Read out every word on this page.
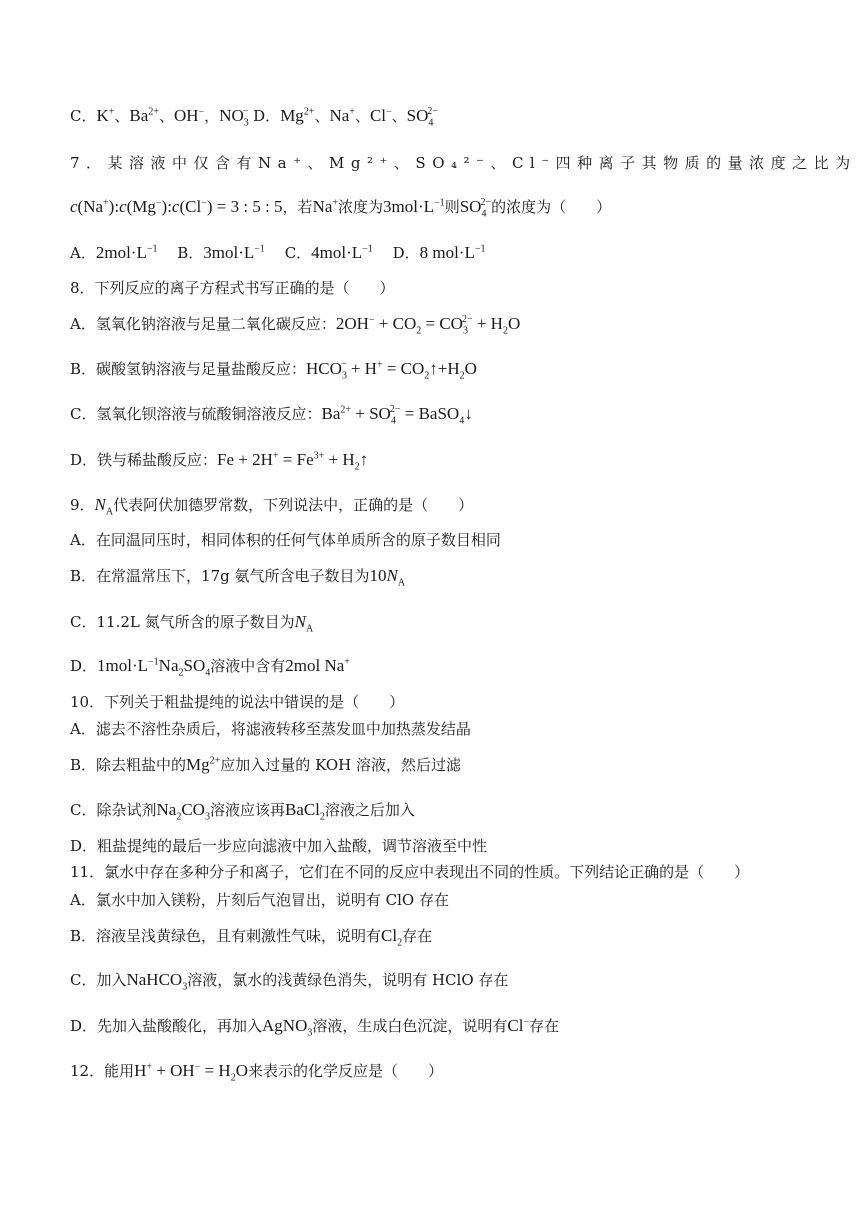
C．K+、$Ba^{2+}$、OH−，$NO_3^-$ D．$Mg^{2+}$、Na+、Cl−、$SO_4^{2-}$
7．某溶液中仅含有Na⁺、Mg²⁺、SO₄²⁻、Cl⁻四种离子其物质的量浓度之比为
c(Na+):c(Mg−):c(Cl−) = 3 : 5 : 5，若Na+浓度为$3mol\cdot L^{-1}$则$SO_4^{2-}$的浓度为（　　）
A．$2mol\cdot L^{-1}$　 B．$3mol\cdot L^{-1}$　 C．$4mol\cdot L^{-1}$　 D．8 $mol\cdot L^{-1}$
8．下列反应的离子方程式书写正确的是（　　）
A．氢氧化钠溶液与足量二氧化碳反应：$2OH^- + CO_2 = CO_3^{2-} + H_2O$
B．碳酸氢钠溶液与足量盐酸反应：$HCO_3^- + H^+$ = $CO_2↑+H_2O$
C．氢氧化钡溶液与硫酸铜溶液反应：$Ba^{2+} + SO_4^{2-}$ = BaSO$_4$↓
D．铁与稀盐酸反应：$Fe + 2H^+ = Fe^{3+}$ + $H_2↑$
9．$N_A$代表阿伏加德罗常数，下列说法中，正确的是（　　）
A．在同温同压时，相同体积的任何气体单质所含的原子数目相同
B．在常温常压下，17g 氨气所含电子数目为$10N_A$
C．11.2L 氮气所含的原子数目为$N_A$
D．$1mol\cdot L^{-1}Na_2SO_4$溶液中含有2mol Na+
10．下列关于粗盐提纯的说法中错误的是（　　）
A．滤去不溶性杂质后，将滤液转移至蒸发皿中加热蒸发结晶
B．除去粗盐中的$Mg^{2+}$应加入过量的 KOH 溶液，然后过滤
C．除杂试剂$Na_2CO_3$溶液应该再BaCl$_2$溶液之后加入
D．粗盐提纯的最后一步应向滤液中加入盐酸，调节溶液至中性
11．氯水中存在多种分子和离子，它们在不同的反应中表现出不同的性质。下列结论正确的是（　　）
A．氯水中加入镁粉，片刻后气泡冒出，说明有 ClO 存在
B．溶液呈浅黄绿色，且有刺激性气味，说明有$Cl_2$存在
C．加入NaHCO$_3$溶液，氯水的浅黄绿色消失，说明有 HClO 存在
D．先加入盐酸酸化，再加入AgNO$_3$溶液，生成白色沉淀，说明有Cl−存在
12．能用$H^+ + OH^- = H_2O$来表示的化学反应是（　　）
